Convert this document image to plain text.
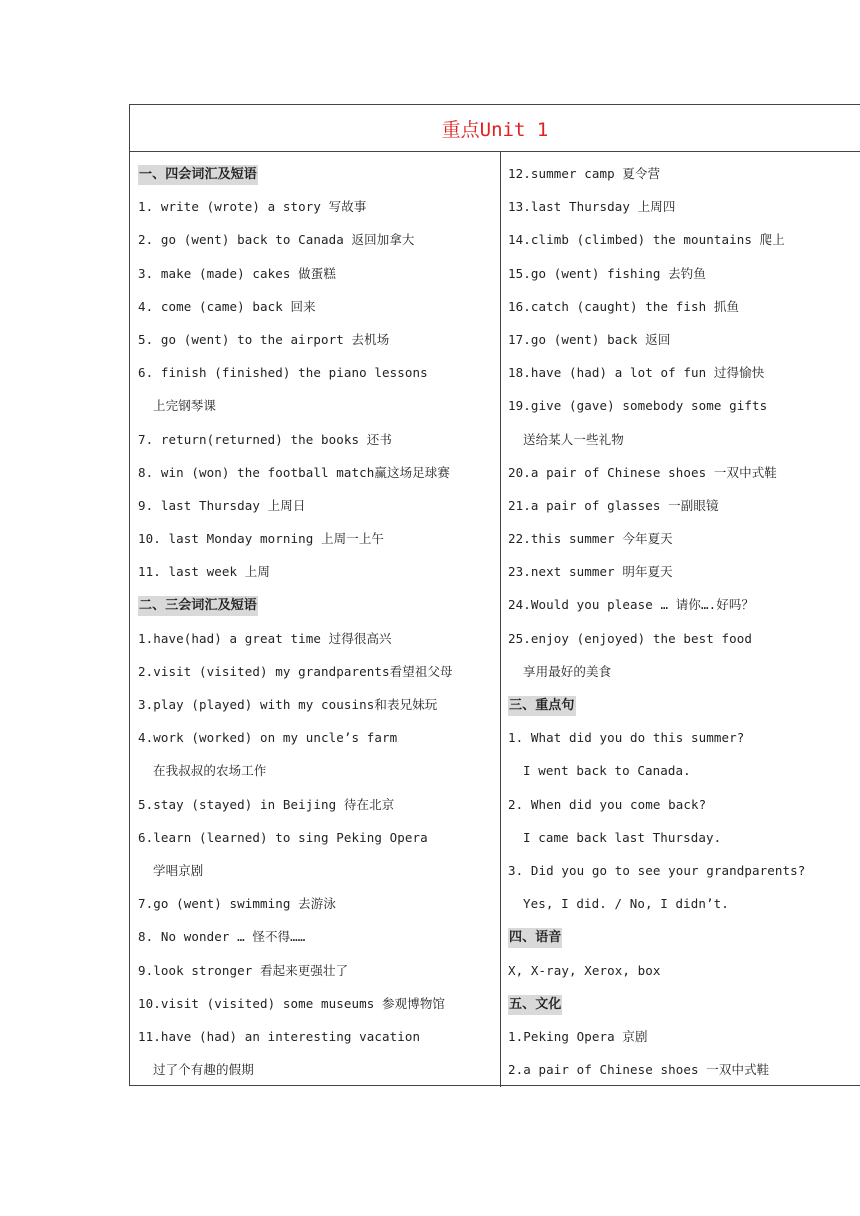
重点Unit 1
一、四会词汇及短语
1. write (wrote) a story 写故事
2. go (went) back to Canada 返回加拿大
3. make (made) cakes 做蛋糕
4. come (came) back 回来
5. go (went) to the airport 去机场
6. finish (finished) the piano lessons
上完钢琴课
7. return(returned) the books 还书
8. win (won) the football match赢这场足球赛
9. last Thursday 上周日
10. last Monday morning 上周一上午
11. last week 上周
二、三会词汇及短语
1.have(had) a great time 过得很高兴
2.visit (visited) my grandparents看望祖父母
3.play (played) with my cousins和表兄妹玩
4.work (worked) on my uncle’s farm
在我叔叔的农场工作
5.stay (stayed) in Beijing 待在北京
6.learn (learned) to sing Peking Opera
学唱京剧
7.go (went) swimming 去游泳
8. No wonder … 怪不得……
9.look stronger 看起来更强壮了
10.visit (visited) some museums 参观博物馆
11.have (had) an interesting vacation
过了个有趣的假期
12.summer camp 夏令营
13.last Thursday 上周四
14.climb (climbed) the mountains 爬上
15.go (went) fishing 去钓鱼
16.catch (caught) the fish 抓鱼
17.go (went) back 返回
18.have (had) a lot of fun 过得愉快
19.give (gave) somebody some gifts
送给某人一些礼物
20.a pair of Chinese shoes 一双中式鞋
21.a pair of glasses 一副眼镜
22.this summer 今年夏天
23.next summer 明年夏天
24.Would you please … 请你….好吗？
25.enjoy (enjoyed) the best food
享用最好的美食
三、重点句
1. What did you do this summer?
I went back to Canada.
2. When did you come back?
I came back last Thursday.
3. Did you go to see your grandparents?
Yes, I did. / No, I didn’t.
四、语音
X, X-ray, Xerox, box
五、文化
1.Peking Opera 京剧
2.a pair of Chinese shoes 一双中式鞋
